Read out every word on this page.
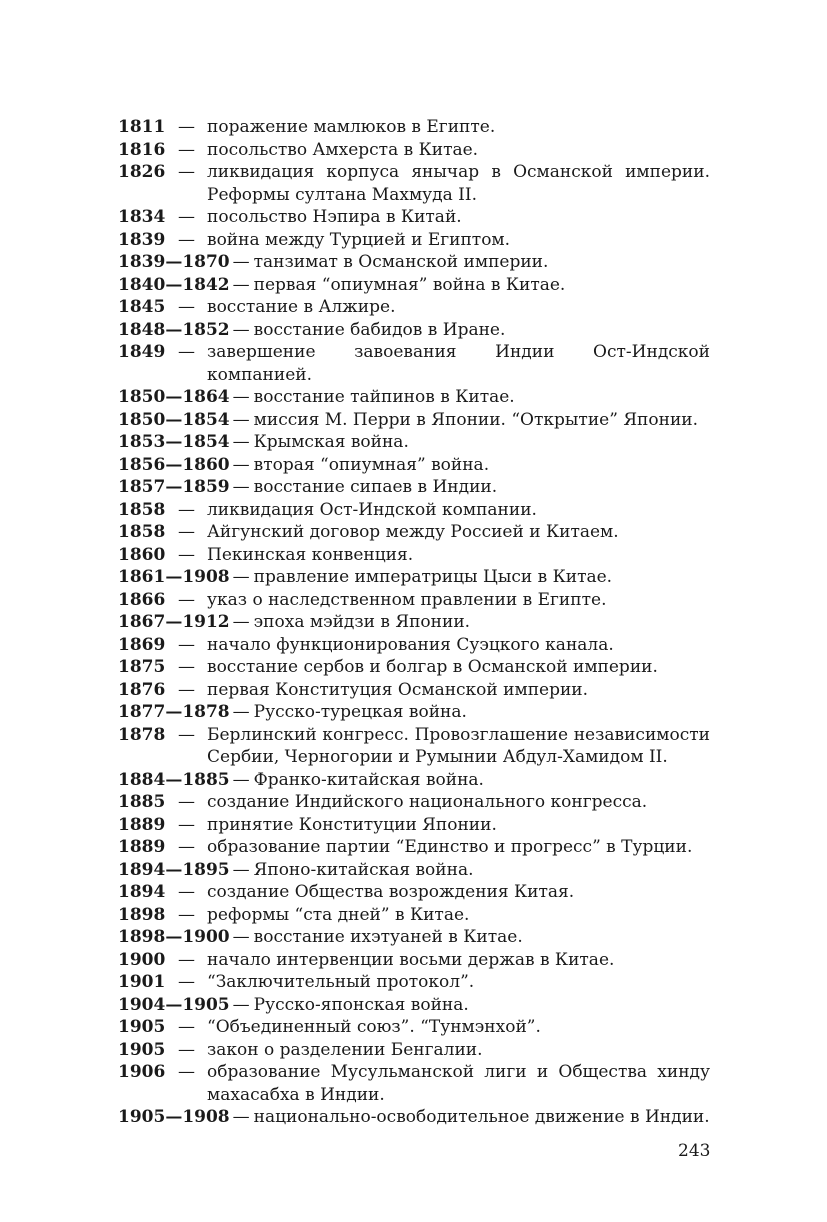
1811 — поражение мамлюков в Египте.
1816 — посольство Амхерста в Китае.
1826 — ликвидация корпуса янычар в Османской империи. Реформы султана Махмуда II.
1834 — посольство Нэпира в Китай.
1839 — война между Турцией и Египтом.
1839—1870 — танзимат в Османской империи.
1840—1842 — первая “опиумная” война в Китае.
1845 — восстание в Алжире.
1848—1852 — восстание бабидов в Иране.
1849 — завершение завоевания Индии Ост-Индской компанией.
1850—1864 — восстание тайпинов в Китае.
1850—1854 — миссия М. Перри в Японии. “Открытие” Японии.
1853—1854 — Крымская война.
1856—1860 — вторая “опиумная” война.
1857—1859 — восстание сипаев в Индии.
1858 — ликвидация Ост-Индской компании.
1858 — Айгунский договор между Россией и Китаем.
1860 — Пекинская конвенция.
1861—1908 — правление императрицы Цыси в Китае.
1866 — указ о наследственном правлении в Египте.
1867—1912 — эпоха мэйдзи в Японии.
1869 — начало функционирования Суэцкого канала.
1875 — восстание сербов и болгар в Османской империи.
1876 — первая Конституция Османской империи.
1877—1878 — Русско-турецкая война.
1878 — Берлинский конгресс. Провозглашение независимости Сербии, Черногории и Румынии Абдул-Хамидом II.
1884—1885 — Франко-китайская война.
1885 — создание Индийского национального конгресса.
1889 — принятие Конституции Японии.
1889 — образование партии “Единство и прогресс” в Турции.
1894—1895 — Японо-китайская война.
1894 — создание Общества возрождения Китая.
1898 — реформы “ста дней” в Китае.
1898—1900 — восстание ихэтуаней в Китае.
1900 — начало интервенции восьми держав в Китае.
1901 — “Заключительный протокол”.
1904—1905 — Русско-японская война.
1905 — “Объединенный союз”. “Тунмэнхой”.
1905 — закон о разделении Бенгалии.
1906 — образование Мусульманской лиги и Общества хинду махасабха в Индии.
1905—1908 — национально-освободительное движение в Индии.
243
